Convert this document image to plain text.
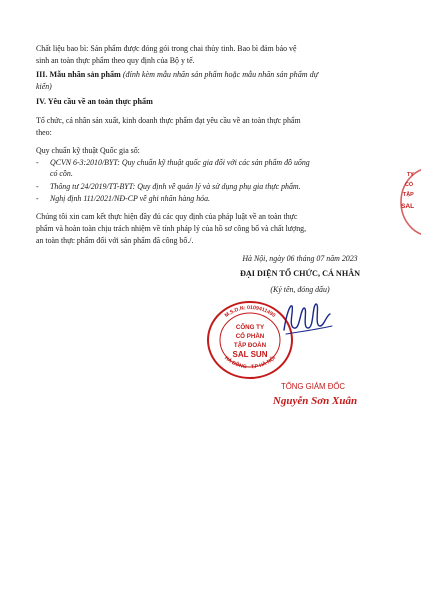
Chất liệu bao bì: Sản phẩm được đóng gói trong chai thủy tinh. Bao bì đảm bảo vệ
sinh an toàn thực phẩm theo quy định của Bộ y tế.
III. Mẫu nhãn sản phẩm (đính kèm mẫu nhãn sản phẩm hoặc mẫu nhãn sản phẩm dự
kiến)
IV. Yêu cầu về an toàn thực phẩm
Tổ chức, cá nhân sản xuất, kinh doanh thực phẩm đạt yêu cầu về an toàn thực phẩm
theo:
Quy chuẩn kỹ thuật Quốc gia số:
-	QCVN 6-3:2010/BYT: Quy chuẩn kỹ thuật quốc gia đối với các sản phẩm đồ uống
có cồn.
-	Thông tư 24/2019/TT-BYT: Quy định về quản lý và sử dụng phụ gia thực phẩm.
-	Nghị định 111/2021/NĐ-CP về ghi nhãn hàng hóa.
Chúng tôi xin cam kết thực hiện đầy đủ các quy định của pháp luật về an toàn thực
phẩm và hoàn toàn chịu trách nhiệm về tính pháp lý của hồ sơ công bố và chất lượng,
an toàn thực phẩm đối với sản phẩm đã công bố./.
Hà Nội, ngày 06 tháng 07 năm 2023
ĐẠI DIỆN TỔ CHỨC, CÁ NHÂN
(Ký tên, đóng dấu)
M.S.D.N: 0109411490
HÀ ĐÔNG - T.P HÀ NỘI
CÔNG TY
CỔ PHẦN
TẬP ĐOÀN
SAL SUN
TỔNG GIÁM ĐỐC
Nguyễn Sơn Xuân
TY
CỔ
TẬP
SAL
